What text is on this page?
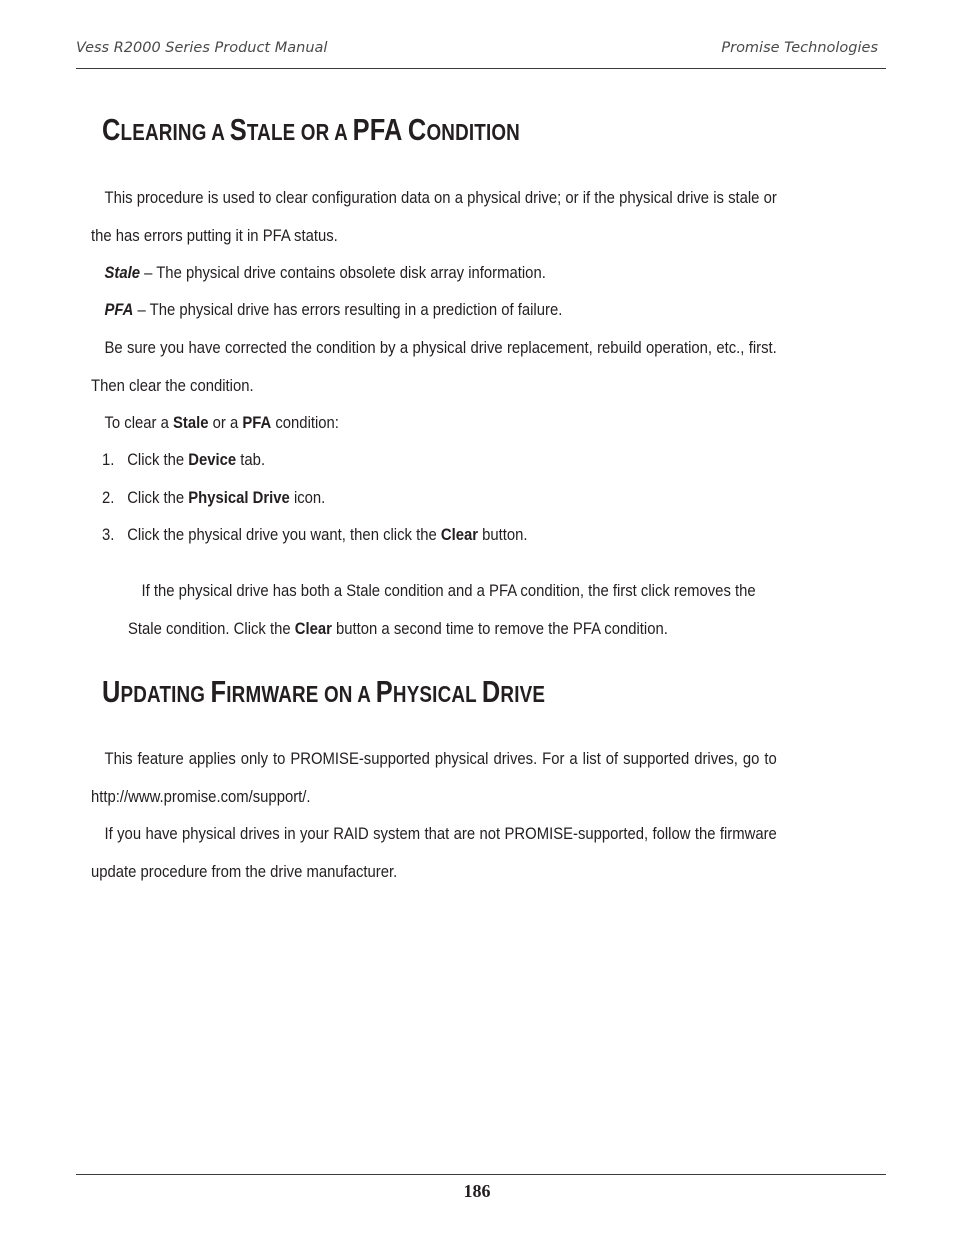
Vess R2000 Series Product Manual	Promise Technologies
CLEARING A STALE OR A PFA CONDITION

This procedure is used to clear configuration data on a physical drive; or if the physical drive is stale or the has errors putting it in PFA status.

Stale – The physical drive contains obsolete disk array information.

PFA – The physical drive has errors resulting in a prediction of failure.

Be sure you have corrected the condition by a physical drive replacement, rebuild operation, etc., first. Then clear the condition.

To clear a Stale or a PFA condition:

1. Click the Device tab.
2. Click the Physical Drive icon.
3. Click the physical drive you want, then click the Clear button.

If the physical drive has both a Stale condition and a PFA condition, the first click removes the Stale condition. Click the Clear button a second time to remove the PFA condition.

UPDATING FIRMWARE ON A PHYSICAL DRIVE

This feature applies only to PROMISE-supported physical drives. For a list of supported drives, go to http://www.promise.com/support/.

If you have physical drives in your RAID system that are not PROMISE-supported, follow the firmware update procedure from the drive manufacturer.

186
